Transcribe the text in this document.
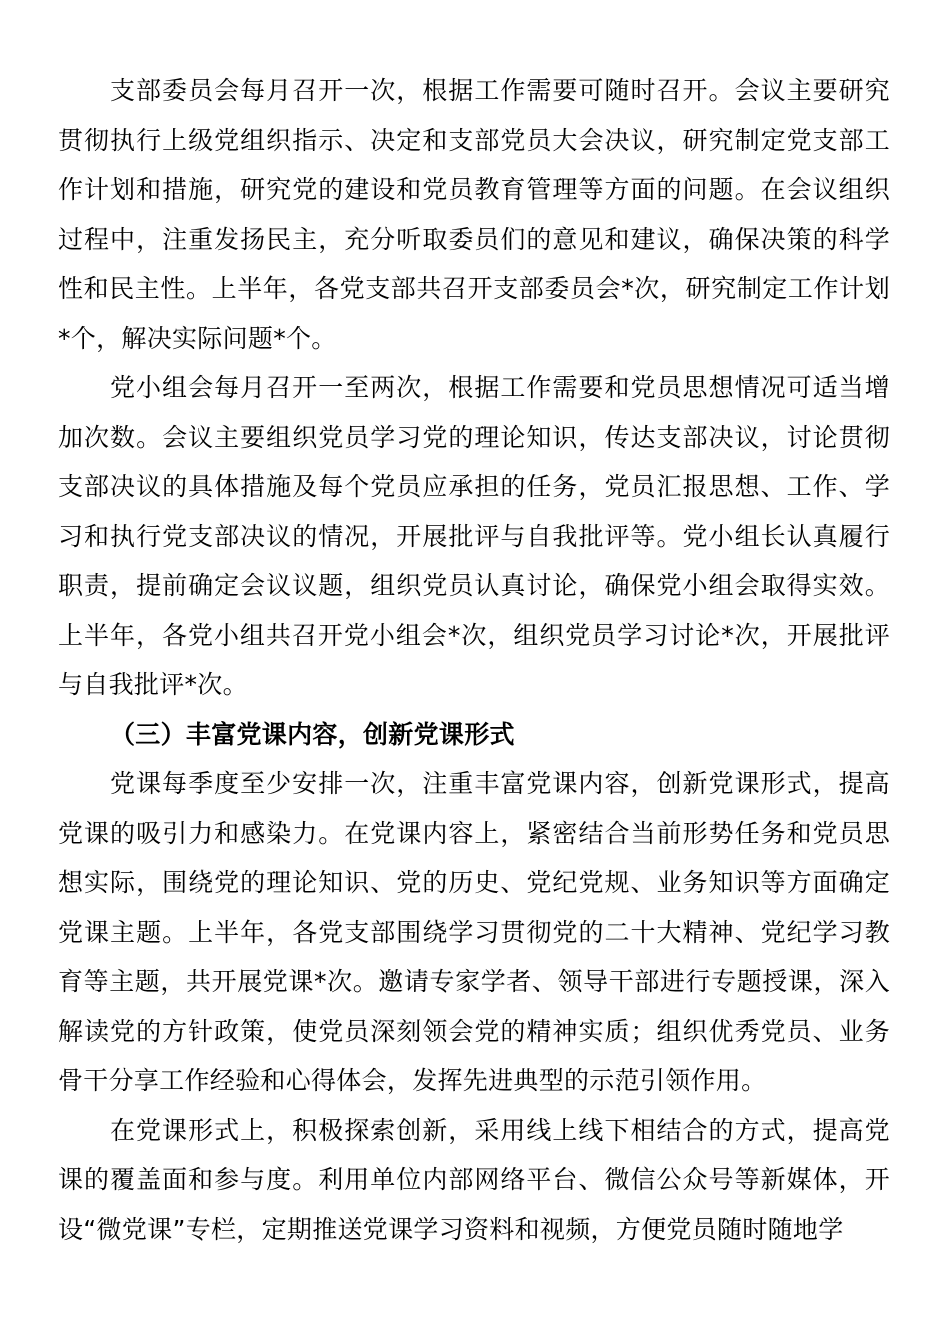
支部委员会每月召开一次，根据工作需要可随时召开。会议主要研究贯彻执行上级党组织指示、决定和支部党员大会决议，研究制定党支部工作计划和措施，研究党的建设和党员教育管理等方面的问题。在会议组织过程中，注重发扬民主，充分听取委员们的意见和建议，确保决策的科学性和民主性。上半年，各党支部共召开支部委员会*次，研究制定工作计划*个，解决实际问题*个。

党小组会每月召开一至两次，根据工作需要和党员思想情况可适当增加次数。会议主要组织党员学习党的理论知识，传达支部决议，讨论贯彻支部决议的具体措施及每个党员应承担的任务，党员汇报思想、工作、学习和执行党支部决议的情况，开展批评与自我批评等。党小组长认真履行职责，提前确定会议议题，组织党员认真讨论，确保党小组会取得实效。上半年，各党小组共召开党小组会*次，组织党员学习讨论*次，开展批评与自我批评*次。

（三）丰富党课内容，创新党课形式

党课每季度至少安排一次，注重丰富党课内容，创新党课形式，提高党课的吸引力和感染力。在党课内容上，紧密结合当前形势任务和党员思想实际，围绕党的理论知识、党的历史、党纪党规、业务知识等方面确定党课主题。上半年，各党支部围绕学习贯彻党的二十大精神、党纪学习教育等主题，共开展党课*次。邀请专家学者、领导干部进行专题授课，深入解读党的方针政策，使党员深刻领会党的精神实质；组织优秀党员、业务骨干分享工作经验和心得体会，发挥先进典型的示范引领作用。

在党课形式上，积极探索创新，采用线上线下相结合的方式，提高党课的覆盖面和参与度。利用单位内部网络平台、微信公众号等新媒体，开设“微党课”专栏，定期推送党课学习资料和视频，方便党员随时随地学
